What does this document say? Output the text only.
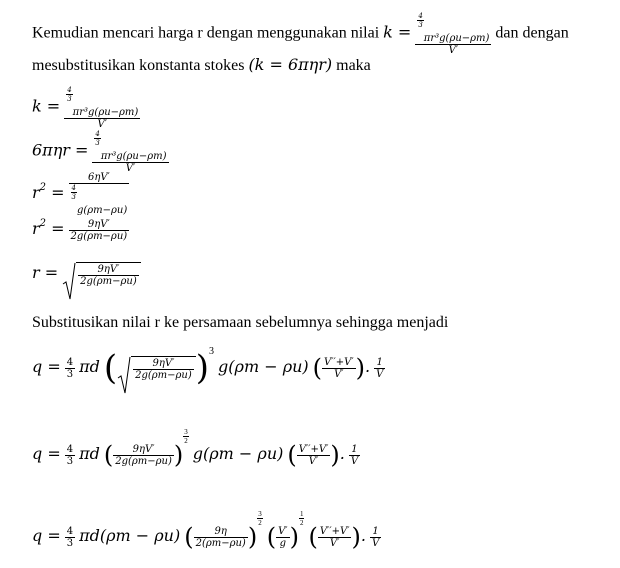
Kemudian mencari harga r dengan menggunakan nilai $k = \frac{4}{3}$
πr³g(ρu−ρm)
V′ dan dengan
mesubstitusikan konstanta stokes (k = 6πηr) maka
$k = \frac{4}{3}$
πr³g(ρu−ρm)
V′
$6\pi\eta r = \frac{4}{3}$
πr³g(ρu−ρm)
V′
$r^2 = 6\eta V'$
$\frac{4}{3}$
g(ρm−ρu)
$r^2 = \frac{9\eta V'}{2g(\rho m-\rho u)}$
$r = \frac{9\eta V'}{2g(\rho m-\rho u)}$
Substitusikan nilai r ke persamaan sebelumnya sehingga menjadi
$q = \frac{4}{3}$ πd ( $\frac{9\eta V'}{2g(\rho m-\rho u)} )^3$ g(ρm − ρu) ( $\frac{V''+V'}{V'}$ ). $\frac{1}{V}$
$q = \frac{4}{3}$ πd ( $\frac{9\eta V'}{2g(\rho m-\rho u)}$ )
$\frac{3}{2}$
g(ρm − ρu) ( $\frac{V''+V'}{V'}$ ). $\frac{1}{V}$
$q = \frac{4}{3} \pi d(\rho m - \rho u)$ ( $\frac{9\eta}{2(\rho m-\rho u)}$ )
$\frac{3}{2}$
( $\frac{V'}{g}$ )
$\frac{1}{2}$
( $\frac{V''+V'}{V'}$ ). $\frac{1}{V}$
